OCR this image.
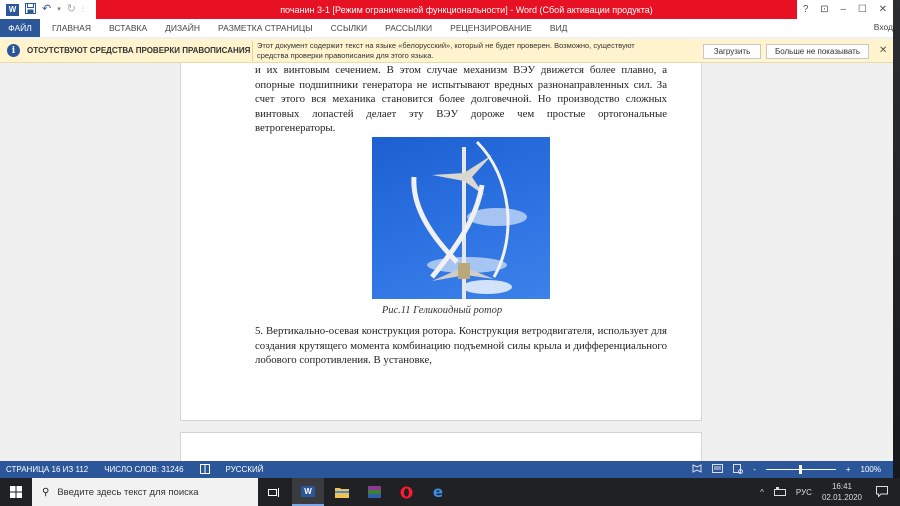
W ↶ ▾ ↻ ⫶	почанин 3-1 [Режим ограниченной функциональности] - Word (Сбой активации продукта)	? ⊡ – ☐ ✕
ФАЙЛ	ГЛАВНАЯ	ВСТАВКА	ДИЗАЙН	РАЗМЕТКА СТРАНИЦЫ	ССЫЛКИ	РАССЫЛКИ	РЕЦЕНЗИРОВАНИЕ	ВИД	Вход
i	ОТСУТСТВУЮТ СРЕДСТВА ПРОВЕРКИ ПРАВОПИСАНИЯ
Этот документ содержит текст на языке «белорусский», который не будет проверен. Возможно, существуют средства проверки правописания для этого языка.	Загрузить	Больше не показывать	✕

и их винтовым сечением. В этом случае механизм ВЭУ движется более плавно, а опорные подшипники генератора не испытывают вредных разнонаправленных сил. За счет этого вся механика становится более долговечной. Но производство сложных винтовых лопастей делает эту ВЭУ дороже чем простые ортогональные ветрогенераторы.

Рис.11 Геликоидный ротор

5. Вертикально-осевая конструкция ротора. Конструкция ветродвигателя, использует для создания крутящего момента комбинацию подъемной силы крыла и дифференциального лобового сопротивления. В установке,

СТРАНИЦА 16 ИЗ 112 ЧИСЛО СЛОВ: 31246	РУССКИЙ	-	+ 100%
⚲ Введите здесь текст для поиска	W	e	^	РУС
16:41
02.01.2020
